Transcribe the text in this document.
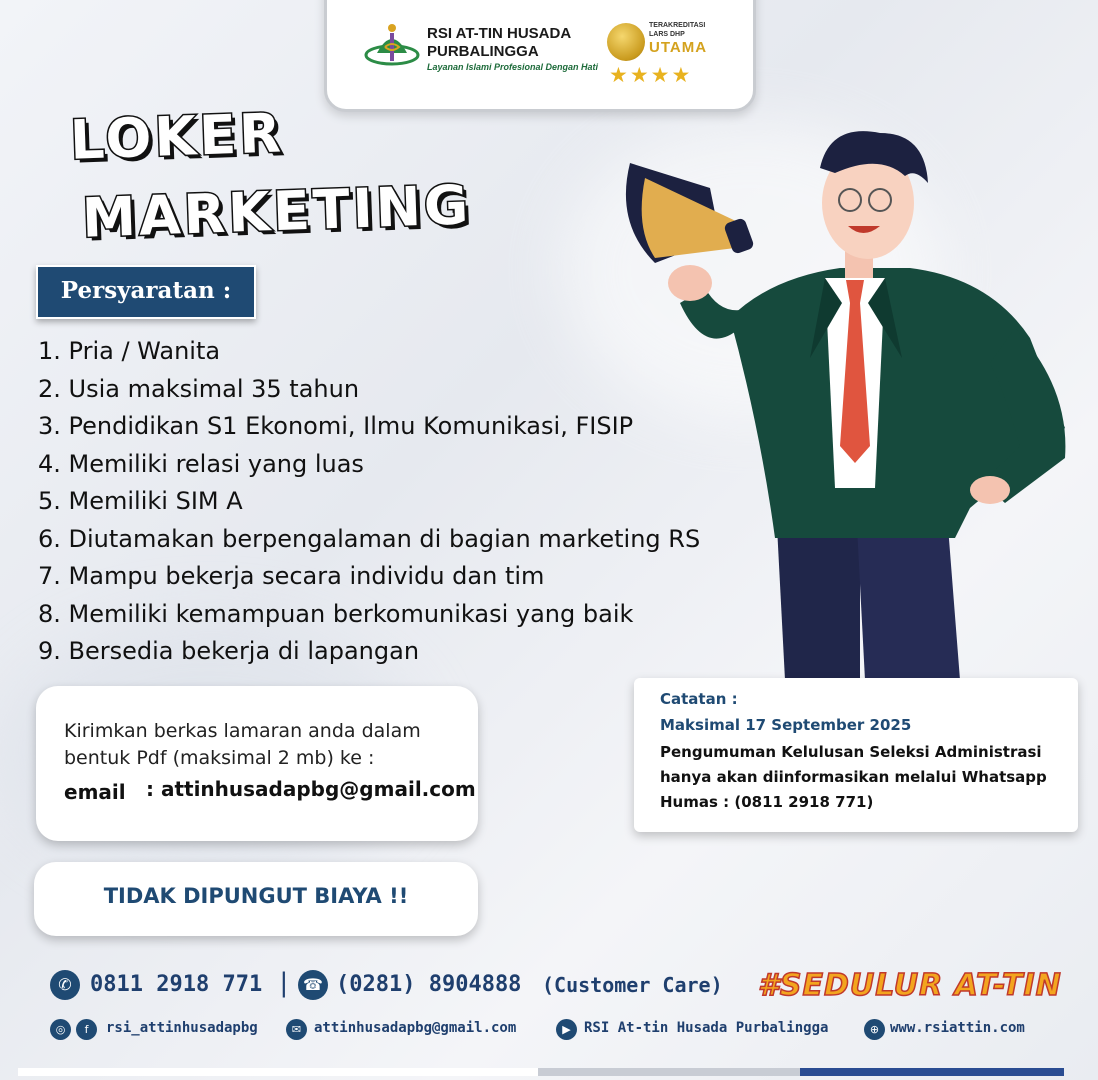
RSI AT-TIN HUSADA
PURBALINGGA
Layanan Islami Profesional Dengan Hati
TERAKREDITASI
LARS DHP
UTAMA
★★★★
LOKER
MARKETING
Persyaratan :
1. Pria / Wanita
2. Usia maksimal 35 tahun
3. Pendidikan S1 Ekonomi, Ilmu Komunikasi, FISIP
4. Memiliki relasi yang luas
5. Memiliki SIM A
6. Diutamakan berpengalaman di bagian marketing RS
7. Mampu bekerja secara individu dan tim
8. Memiliki kemampuan berkomunikasi yang baik
9. Bersedia bekerja di lapangan
Kirimkan berkas lamaran anda dalam bentuk Pdf (maksimal 2 mb) ke :
email : attinhusadapbg@gmail.com
TIDAK DIPUNGUT BIAYA !!
Catatan :
Maksimal 17 September 2025
Pengumuman Kelulusan Seleksi Administrasi hanya akan diinformasikan melalui Whatsapp Humas : (0811 2918 771)
✆ 0811 2918 771 | ☎ (0281) 8904888 (Customer Care) #SEDULUR AT-TIN
◎	f	rsi_attinhusadapbg	✉ attinhusadapbg@gmail.com	▶ RSI At-tin Husada Purbalingga	⊕ www.rsiattin.com
